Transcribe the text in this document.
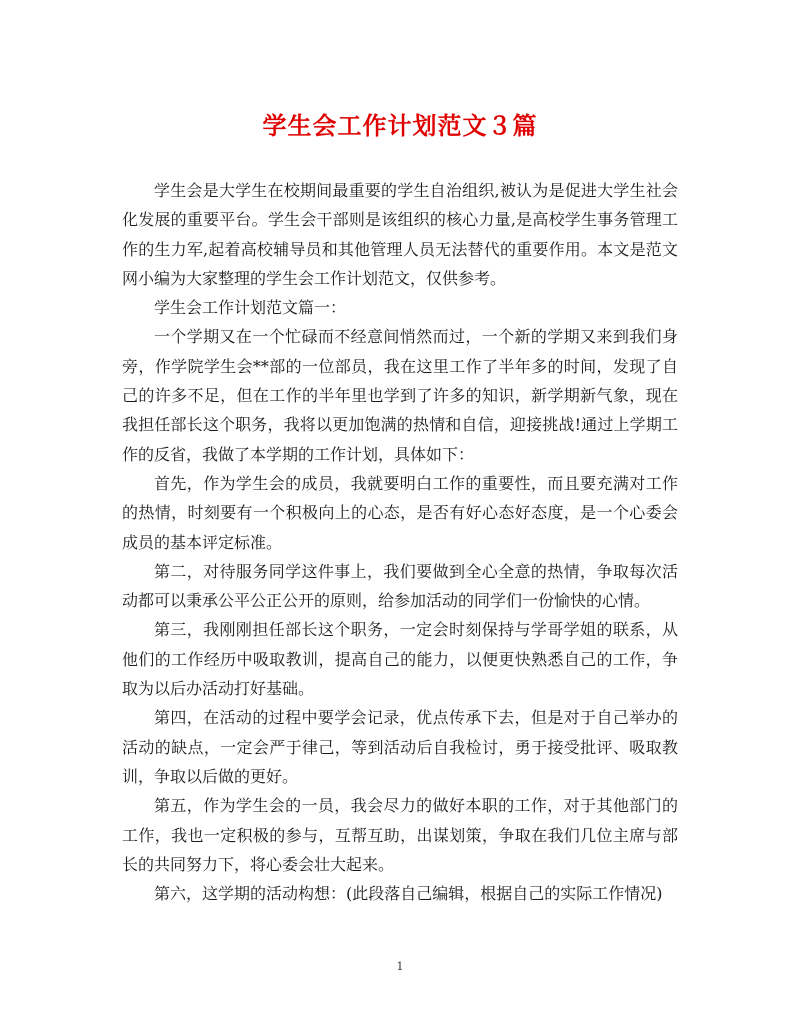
学生会工作计划范文３篇

学生会是大学生在校期间最重要的学生自治组织,被认为是促进大学生社会化发展的重要平台。学生会干部则是该组织的核心力量,是高校学生事务管理工作的生力军,起着高校辅导员和其他管理人员无法替代的重要作用。本文是范文网小编为大家整理的学生会工作计划范文，仅供参考。

学生会工作计划范文篇一：

一个学期又在一个忙碌而不经意间悄然而过，一个新的学期又来到我们身旁，作学院学生会**部的一位部员，我在这里工作了半年多的时间，发现了自己的许多不足，但在工作的半年里也学到了许多的知识，新学期新气象，现在我担任部长这个职务，我将以更加饱满的热情和自信，迎接挑战!通过上学期工作的反省，我做了本学期的工作计划，具体如下：

首先，作为学生会的成员，我就要明白工作的重要性，而且要充满对工作的热情，时刻要有一个积极向上的心态，是否有好心态好态度，是一个心委会成员的基本评定标准。

第二，对待服务同学这件事上，我们要做到全心全意的热情，争取每次活动都可以秉承公平公正公开的原则，给参加活动的同学们一份愉快的心情。

第三，我刚刚担任部长这个职务，一定会时刻保持与学哥学姐的联系，从他们的工作经历中吸取教训，提高自己的能力，以便更快熟悉自己的工作，争取为以后办活动打好基础。

第四，在活动的过程中要学会记录，优点传承下去，但是对于自己举办的活动的缺点，一定会严于律己，等到活动后自我检讨，勇于接受批评、吸取教训，争取以后做的更好。

第五，作为学生会的一员，我会尽力的做好本职的工作，对于其他部门的工作，我也一定积极的参与，互帮互助，出谋划策，争取在我们几位主席与部长的共同努力下，将心委会壮大起来。

第六，这学期的活动构想：(此段落自己编辑，根据自己的实际工作情况)

1
